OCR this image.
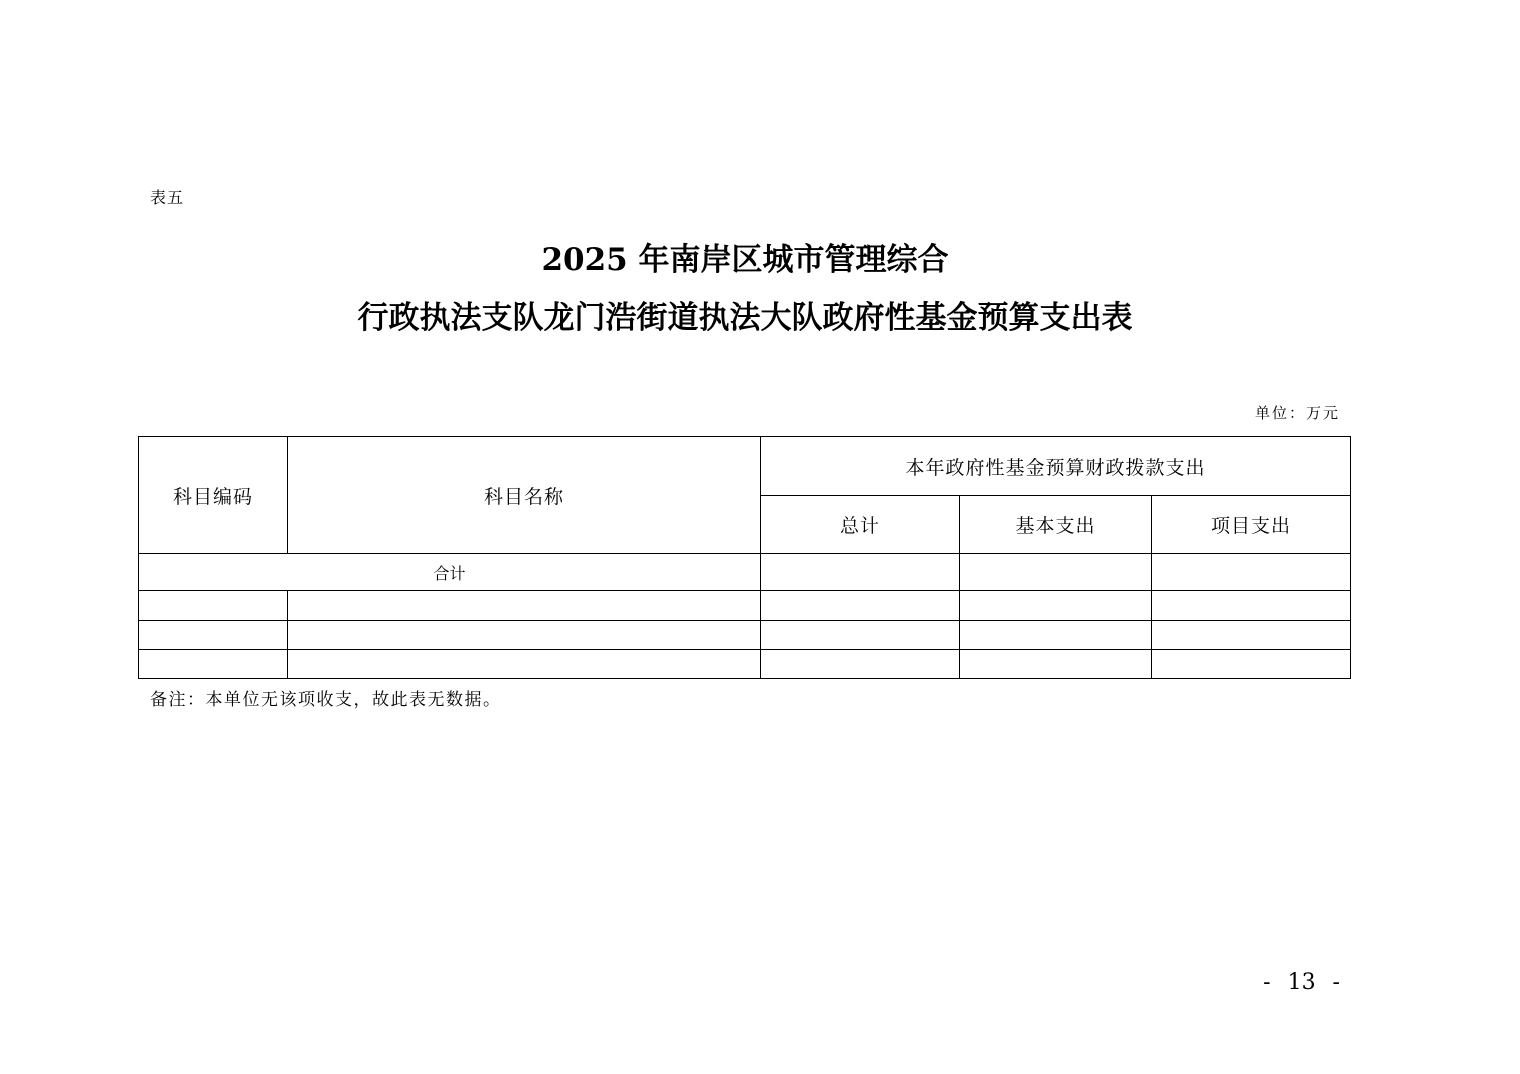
表五
2025 年南岸区城市管理综合
行政执法支队龙门浩街道执法大队政府性基金预算支出表
单位：万元
科目编码	科目名称	本年政府性基金预算财政拨款支出		
		总计	基本支出	项目支出
合计				

备注：本单位无该项收支，故此表无数据。
- 13 -
